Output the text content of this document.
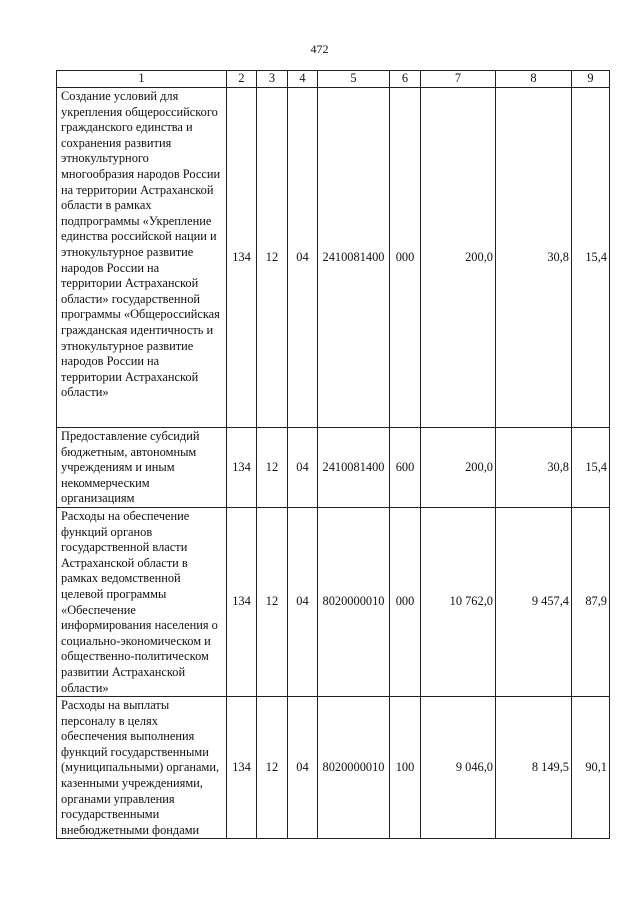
472
1	2	3	4	5	6	7	8	9
Создание условий для укрепления общероссийского гражданского единства и сохранения развития этнокультурного многообразия народов России на территории Астраханской области в рамках подпрограммы «Укрепление единства российской нации и этнокультурное развитие народов России на территории Астраханской области» государственной программы «Общероссийская гражданская идентичность и этнокультурное развитие народов России на территории Астраханской области»	134	12	04	2410081400	000	200,0	30,8	15,4
Предоставление субсидий бюджетным, автономным учреждениям и иным некоммерческим организациям	134	12	04	2410081400	600	200,0	30,8	15,4
Расходы на обеспечение функций органов государственной власти Астраханской области в рамках ведомственной целевой программы «Обеспечение информирования населения о социально-экономическом и общественно-политическом развитии Астраханской области»	134	12	04	8020000010	000	10 762,0	9 457,4	87,9
Расходы на выплаты персоналу в целях обеспечения выполнения функций государственными (муниципальными) органами, казенными учреждениями, органами управления государственными внебюджетными фондами	134	12	04	8020000010	100	9 046,0	8 149,5	90,1
